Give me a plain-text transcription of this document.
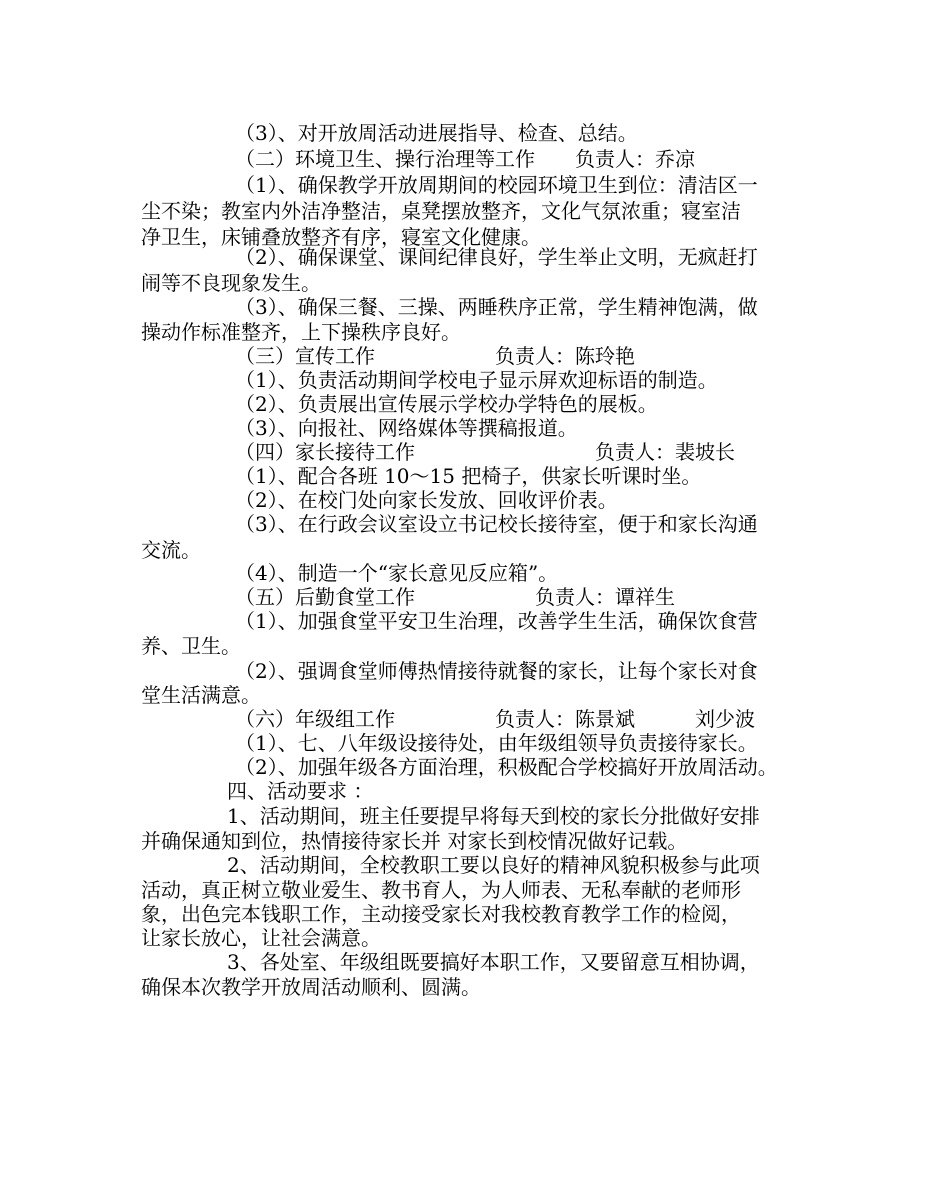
（3）、对开放周活动进展指导、检查、总结。

（二）环境卫生、操行治理等工作　　负责人：乔凉

（1）、确保教学开放周期间的校园环境卫生到位：清洁区一

尘不染；教室内外洁净整洁，桌凳摆放整齐，文化气氛浓重；寝室洁

净卫生，床铺叠放整齐有序，寝室文化健康。

（2）、确保课堂、课间纪律良好，学生举止文明，无疯赶打

闹等不良现象发生。

（3）、确保三餐、三操、两睡秩序正常，学生精神饱满，做

操动作标准整齐，上下操秩序良好。

（三）宣传工作　　　　　　负责人：陈玲艳

（1）、负责活动期间学校电子显示屏欢迎标语的制造。

（2）、负责展出宣传展示学校办学特色的展板。

（3）、向报社、网络媒体等撰稿报道。

（四）家长接待工作　　　　　　　　　负责人：裴坡长

（1）、配合各班 10～15 把椅子，供家长听课时坐。

（2）、在校门处向家长发放、回收评价表。

（3）、在行政会议室设立书记校长接待室，便于和家长沟通

交流。

（4）、制造一个“家长意见反应箱”。

（五）后勤食堂工作　　　　　　负责人：谭祥生

（1）、加强食堂平安卫生治理，改善学生生活，确保饮食营

养、卫生。

（2）、强调食堂师傅热情接待就餐的家长，让每个家长对食

堂生活满意。

（六）年级组工作　　　　　负责人：陈景斌　　　刘少波

（1）、七、八年级设接待处，由年级组领导负责接待家长。

（2）、加强年级各方面治理，积极配合学校搞好开放周活动。

四、活动要求 ：

1、活动期间，班主任要提早将每天到校的家长分批做好安排

并确保通知到位，热情接待家长并 对家长到校情况做好记载。

2、活动期间，全校教职工要以良好的精神风貌积极参与此项

活动，真正树立敬业爱生、教书育人，为人师表、无私奉献的老师形

象，出色完本钱职工作，主动接受家长对我校教育教学工作的检阅，

让家长放心，让社会满意。

3、各处室、年级组既要搞好本职工作，又要留意互相协调，

确保本次教学开放周活动顺利、圆满。
